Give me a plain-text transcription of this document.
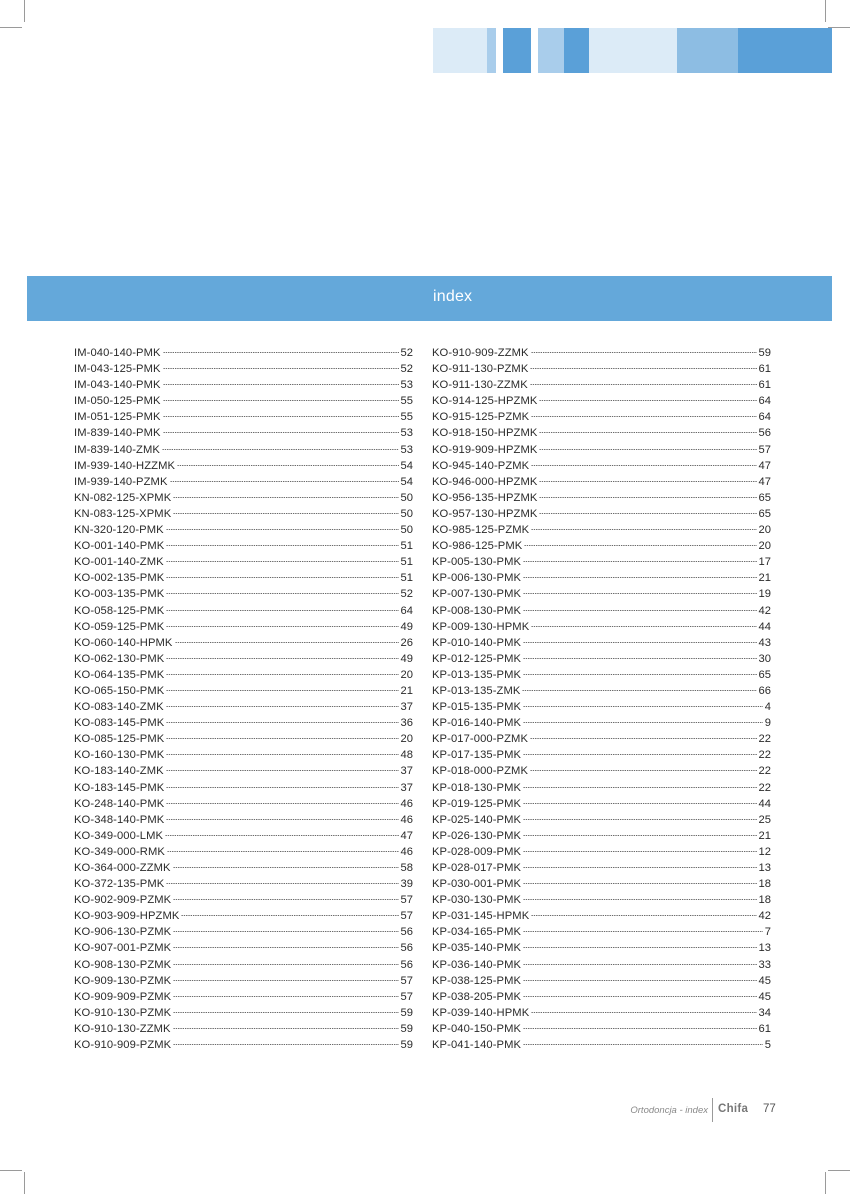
index
IM-040-140-PMK	52
IM-043-125-PMK	52
IM-043-140-PMK	53
IM-050-125-PMK	55
IM-051-125-PMK	55
IM-839-140-PMK	53
IM-839-140-ZMK	53
IM-939-140-HZZMK	54
IM-939-140-PZMK	54
KN-082-125-XPMK	50
KN-083-125-XPMK	50
KN-320-120-PMK	50
KO-001-140-PMK	51
KO-001-140-ZMK	51
KO-002-135-PMK	51
KO-003-135-PMK	52
KO-058-125-PMK	64
KO-059-125-PMK	49
KO-060-140-HPMK	26
KO-062-130-PMK	49
KO-064-135-PMK	20
KO-065-150-PMK	21
KO-083-140-ZMK	37
KO-083-145-PMK	36
KO-085-125-PMK	20
KO-160-130-PMK	48
KO-183-140-ZMK	37
KO-183-145-PMK	37
KO-248-140-PMK	46
KO-348-140-PMK	46
KO-349-000-LMK	47
KO-349-000-RMK	46
KO-364-000-ZZMK	58
KO-372-135-PMK	39
KO-902-909-PZMK	57
KO-903-909-HPZMK	57
KO-906-130-PZMK	56
KO-907-001-PZMK	56
KO-908-130-PZMK	56
KO-909-130-PZMK	57
KO-909-909-PZMK	57
KO-910-130-PZMK	59
KO-910-130-ZZMK	59
KO-910-909-PZMK	59
KO-910-909-ZZMK	59
KO-911-130-PZMK	61
KO-911-130-ZZMK	61
KO-914-125-HPZMK	64
KO-915-125-PZMK	64
KO-918-150-HPZMK	56
KO-919-909-HPZMK	57
KO-945-140-PZMK	47
KO-946-000-HPZMK	47
KO-956-135-HPZMK	65
KO-957-130-HPZMK	65
KO-985-125-PZMK	20
KO-986-125-PMK	20
KP-005-130-PMK	17
KP-006-130-PMK	21
KP-007-130-PMK	19
KP-008-130-PMK	42
KP-009-130-HPMK	44
KP-010-140-PMK	43
KP-012-125-PMK	30
KP-013-135-PMK	65
KP-013-135-ZMK	66
KP-015-135-PMK	4
KP-016-140-PMK	9
KP-017-000-PZMK	22
KP-017-135-PMK	22
KP-018-000-PZMK	22
KP-018-130-PMK	22
KP-019-125-PMK	44
KP-025-140-PMK	25
KP-026-130-PMK	21
KP-028-009-PMK	12
KP-028-017-PMK	13
KP-030-001-PMK	18
KP-030-130-PMK	18
KP-031-145-HPMK	42
KP-034-165-PMK	7
KP-035-140-PMK	13
KP-036-140-PMK	33
KP-038-125-PMK	45
KP-038-205-PMK	45
KP-039-140-HPMK	34
KP-040-150-PMK	61
KP-041-140-PMK	5
Ortodoncja - index Chifa 77
